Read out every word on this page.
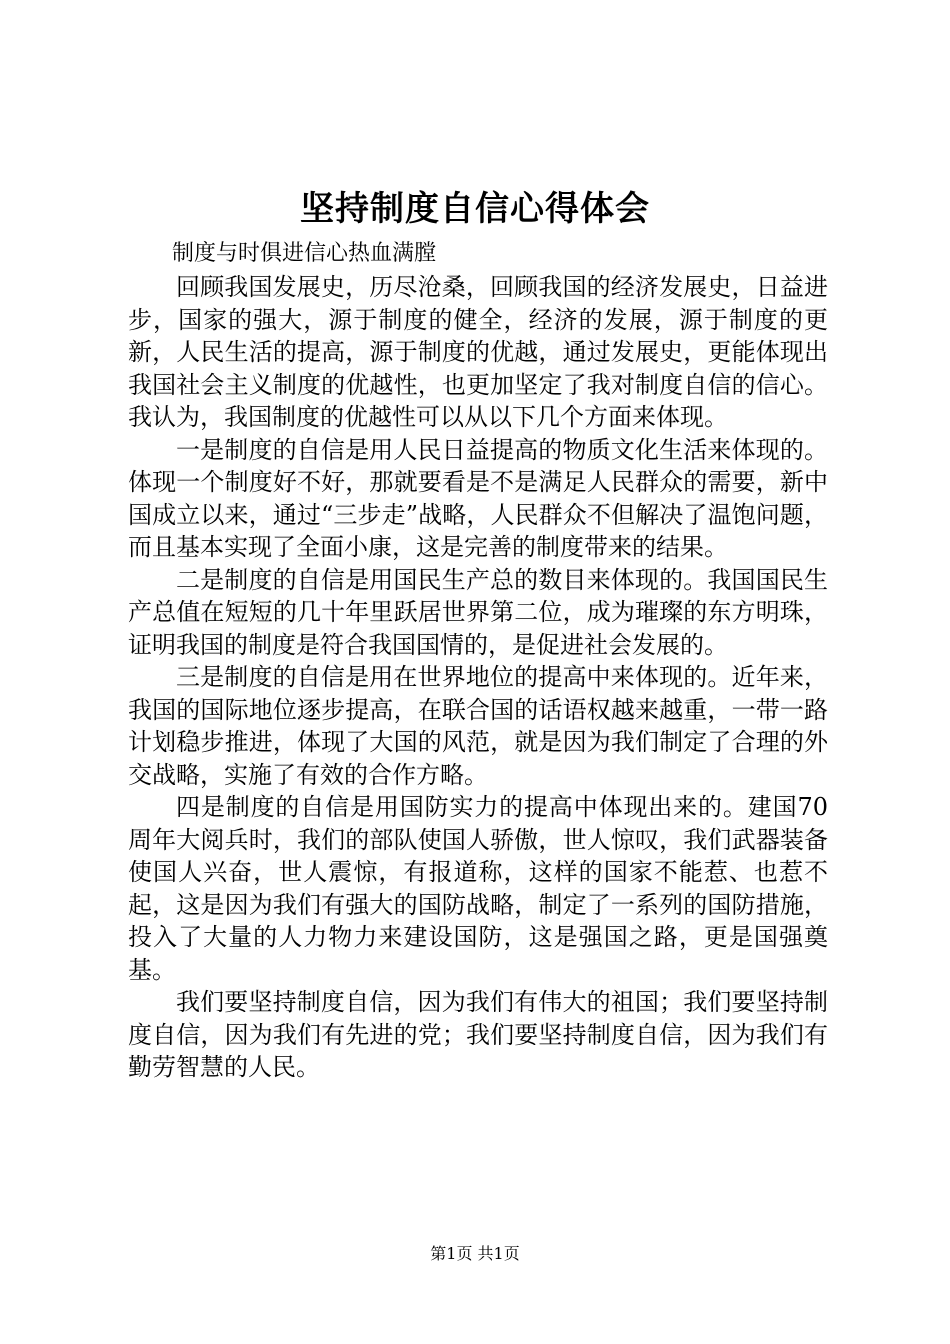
坚持制度自信心得体会

制度与时俱进信心热血满膛

回顾我国发展史，历尽沧桑，回顾我国的经济发展史，日益进步，国家的强大，源于制度的健全，经济的发展，源于制度的更新，人民生活的提高，源于制度的优越，通过发展史，更能体现出我国社会主义制度的优越性，也更加坚定了我对制度自信的信心。我认为，我国制度的优越性可以从以下几个方面来体现。

一是制度的自信是用人民日益提高的物质文化生活来体现的。体现一个制度好不好，那就要看是不是满足人民群众的需要，新中国成立以来，通过“三步走”战略，人民群众不但解决了温饱问题，而且基本实现了全面小康，这是完善的制度带来的结果。

二是制度的自信是用国民生产总的数目来体现的。我国国民生产总值在短短的几十年里跃居世界第二位，成为璀璨的东方明珠，证明我国的制度是符合我国国情的，是促进社会发展的。

三是制度的自信是用在世界地位的提高中来体现的。近年来，我国的国际地位逐步提高，在联合国的话语权越来越重，一带一路计划稳步推进，体现了大国的风范，就是因为我们制定了合理的外交战略，实施了有效的合作方略。

四是制度的自信是用国防实力的提高中体现出来的。建国70周年大阅兵时，我们的部队使国人骄傲，世人惊叹，我们武器装备使国人兴奋，世人震惊，有报道称，这样的国家不能惹、也惹不起，这是因为我们有强大的国防战略，制定了一系列的国防措施，投入了大量的人力物力来建设国防，这是强国之路，更是国强奠基。

我们要坚持制度自信，因为我们有伟大的祖国；我们要坚持制度自信，因为我们有先进的党；我们要坚持制度自信，因为我们有勤劳智慧的人民。

第1页 共1页
